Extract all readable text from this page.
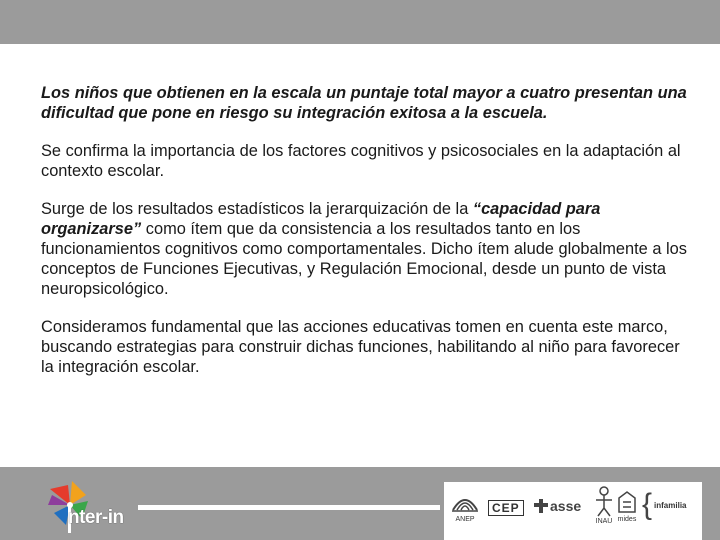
Los niños que obtienen en la escala un puntaje total mayor a cuatro presentan una dificultad que pone en riesgo su integración exitosa a la escuela.

Se confirma la importancia de los factores cognitivos y psicosociales en la adaptación al contexto escolar.

Surge de los resultados estadísticos la jerarquización de la “capacidad para organizarse” como ítem que da consistencia a los resultados tanto en los funcionamientos cognitivos como comportamentales. Dicho ítem alude globalmente a los conceptos de Funciones Ejecutivas, y Regulación Emocional, desde un punto de vista neuropsicológico.

Consideramos fundamental que las acciones educativas tomen en cuenta este marco, buscando estrategias para construir dichas funciones, habilitando al niño para favorecer la integración escolar.

nter-in	ANEP
CEP asse
INAU mides { infamilia
